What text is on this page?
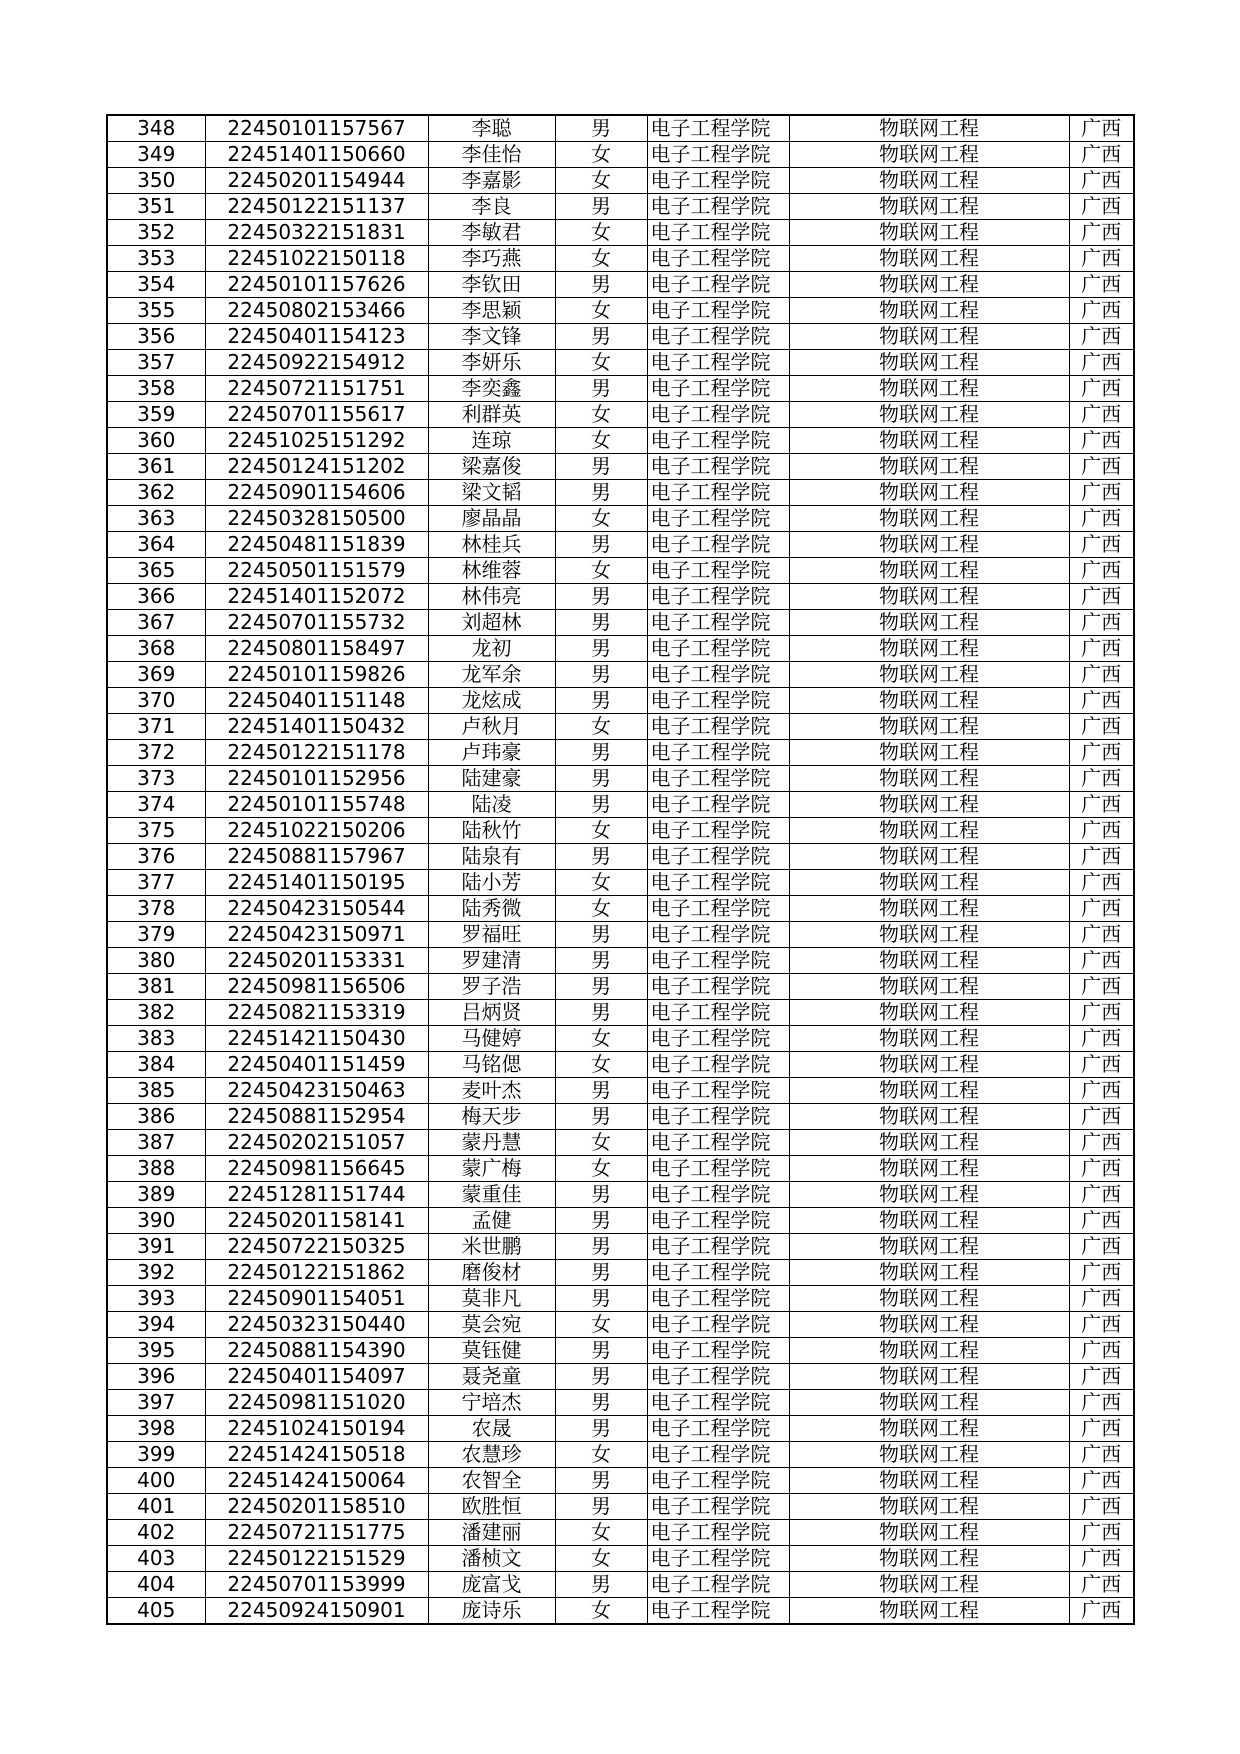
348	22450101157567	李聪	男	电子工程学院	物联网工程	广西
349	22451401150660	李佳怡	女	电子工程学院	物联网工程	广西
350	22450201154944	李嘉影	女	电子工程学院	物联网工程	广西
351	22450122151137	李良	男	电子工程学院	物联网工程	广西
352	22450322151831	李敏君	女	电子工程学院	物联网工程	广西
353	22451022150118	李巧燕	女	电子工程学院	物联网工程	广西
354	22450101157626	李钦田	男	电子工程学院	物联网工程	广西
355	22450802153466	李思颖	女	电子工程学院	物联网工程	广西
356	22450401154123	李文锋	男	电子工程学院	物联网工程	广西
357	22450922154912	李妍乐	女	电子工程学院	物联网工程	广西
358	22450721151751	李奕鑫	男	电子工程学院	物联网工程	广西
359	22450701155617	利群英	女	电子工程学院	物联网工程	广西
360	22451025151292	连琼	女	电子工程学院	物联网工程	广西
361	22450124151202	梁嘉俊	男	电子工程学院	物联网工程	广西
362	22450901154606	梁文韬	男	电子工程学院	物联网工程	广西
363	22450328150500	廖晶晶	女	电子工程学院	物联网工程	广西
364	22450481151839	林桂兵	男	电子工程学院	物联网工程	广西
365	22450501151579	林维蓉	女	电子工程学院	物联网工程	广西
366	22451401152072	林伟亮	男	电子工程学院	物联网工程	广西
367	22450701155732	刘超林	男	电子工程学院	物联网工程	广西
368	22450801158497	龙初	男	电子工程学院	物联网工程	广西
369	22450101159826	龙军余	男	电子工程学院	物联网工程	广西
370	22450401151148	龙炫成	男	电子工程学院	物联网工程	广西
371	22451401150432	卢秋月	女	电子工程学院	物联网工程	广西
372	22450122151178	卢玮豪	男	电子工程学院	物联网工程	广西
373	22450101152956	陆建豪	男	电子工程学院	物联网工程	广西
374	22450101155748	陆凌	男	电子工程学院	物联网工程	广西
375	22451022150206	陆秋竹	女	电子工程学院	物联网工程	广西
376	22450881157967	陆泉有	男	电子工程学院	物联网工程	广西
377	22451401150195	陆小芳	女	电子工程学院	物联网工程	广西
378	22450423150544	陆秀微	女	电子工程学院	物联网工程	广西
379	22450423150971	罗福旺	男	电子工程学院	物联网工程	广西
380	22450201153331	罗建清	男	电子工程学院	物联网工程	广西
381	22450981156506	罗子浩	男	电子工程学院	物联网工程	广西
382	22450821153319	吕炳贤	男	电子工程学院	物联网工程	广西
383	22451421150430	马健婷	女	电子工程学院	物联网工程	广西
384	22450401151459	马铭偲	女	电子工程学院	物联网工程	广西
385	22450423150463	麦叶杰	男	电子工程学院	物联网工程	广西
386	22450881152954	梅天步	男	电子工程学院	物联网工程	广西
387	22450202151057	蒙丹慧	女	电子工程学院	物联网工程	广西
388	22450981156645	蒙广梅	女	电子工程学院	物联网工程	广西
389	22451281151744	蒙重佳	男	电子工程学院	物联网工程	广西
390	22450201158141	孟健	男	电子工程学院	物联网工程	广西
391	22450722150325	米世鹏	男	电子工程学院	物联网工程	广西
392	22450122151862	磨俊材	男	电子工程学院	物联网工程	广西
393	22450901154051	莫非凡	男	电子工程学院	物联网工程	广西
394	22450323150440	莫会宛	女	电子工程学院	物联网工程	广西
395	22450881154390	莫钰健	男	电子工程学院	物联网工程	广西
396	22450401154097	聂尧童	男	电子工程学院	物联网工程	广西
397	22450981151020	宁培杰	男	电子工程学院	物联网工程	广西
398	22451024150194	农晟	男	电子工程学院	物联网工程	广西
399	22451424150518	农慧珍	女	电子工程学院	物联网工程	广西
400	22451424150064	农智全	男	电子工程学院	物联网工程	广西
401	22450201158510	欧胜恒	男	电子工程学院	物联网工程	广西
402	22450721151775	潘建丽	女	电子工程学院	物联网工程	广西
403	22450122151529	潘桢文	女	电子工程学院	物联网工程	广西
404	22450701153999	庞富戈	男	电子工程学院	物联网工程	广西
405	22450924150901	庞诗乐	女	电子工程学院	物联网工程	广西
